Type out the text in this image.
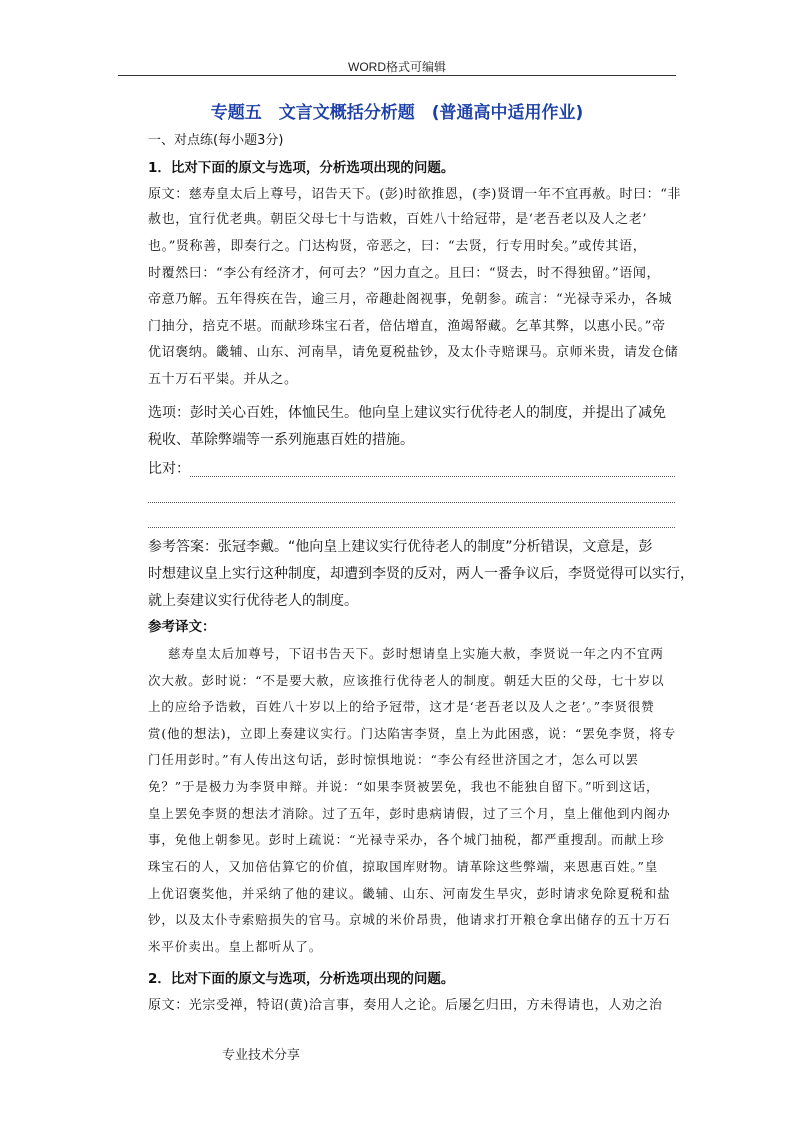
WORD格式可编辑
专题五　文言文概括分析题　(普通高中适用作业)
一、对点练(每小题3分)
1．比对下面的原文与选项，分析选项出现的问题。
原文：慈寿皇太后上尊号，诏告天下。(彭)时欲推恩，(李)贤谓一年不宜再赦。时曰：“非
赦也，宜行优老典。朝臣父母七十与诰敕，百姓八十给冠带，是‘老吾老以及人之老’
也。”贤称善，即奏行之。门达构贤，帝恶之，曰：“去贤，行专用时矣。”或传其语，
时覆然曰：“李公有经济才，何可去？”因力直之。且曰：“贤去，时不得独留。”语闻，
帝意乃解。五年得疾在告，逾三月，帝趣赴阁视事，免朝参。疏言：“光禄寺采办，各城
门抽分，掊克不堪。而献珍珠宝石者，倍估增直，渔竭帑藏。乞革其弊，以惠小民。”帝
优诏褒纳。畿辅、山东、河南旱，请免夏税盐钞，及太仆寺赔课马。京师米贵，请发仓储
五十万石平粜。并从之。
选项：彭时关心百姓，体恤民生。他向皇上建议实行优待老人的制度，并提出了减免
税收、革除弊端等一系列施惠百姓的措施。
比对：
参考答案：张冠李戴。“他向皇上建议实行优待老人的制度”分析错误，文意是，彭
时想建议皇上实行这种制度，却遭到李贤的反对，两人一番争议后，李贤觉得可以实行，
就上奏建议实行优待老人的制度。
参考译文：
慈寿皇太后加尊号，下诏书告天下。彭时想请皇上实施大赦，李贤说一年之内不宜两
次大赦。彭时说：“不是要大赦，应该推行优待老人的制度。朝廷大臣的父母，七十岁以
上的应给予诰敕，百姓八十岁以上的给予冠带，这才是‘老吾老以及人之老’。”李贤很赞
赏(他的想法)，立即上奏建议实行。门达陷害李贤，皇上为此困惑，说：“罢免李贤，将专
门任用彭时。”有人传出这句话，彭时惊惧地说：“李公有经世济国之才，怎么可以罢
免？”于是极力为李贤申辩。并说：“如果李贤被罢免，我也不能独自留下。”听到这话，
皇上罢免李贤的想法才消除。过了五年，彭时患病请假，过了三个月，皇上催他到内阁办
事，免他上朝参见。彭时上疏说：“光禄寺采办，各个城门抽税，都严重搜刮。而献上珍
珠宝石的人，又加倍估算它的价值，掠取国库财物。请革除这些弊端，来恩惠百姓。”皇
上优诏褒奖他，并采纳了他的建议。畿辅、山东、河南发生旱灾，彭时请求免除夏税和盐
钞，以及太仆寺索赔损失的官马。京城的米价昂贵，他请求打开粮仓拿出储存的五十万石
米平价卖出。皇上都听从了。
2．比对下面的原文与选项，分析选项出现的问题。
原文：光宗受禅，特诏(黄)洽言事，奏用人之论。后屡乞归田，方未得请也，人劝之治
专业技术分享
